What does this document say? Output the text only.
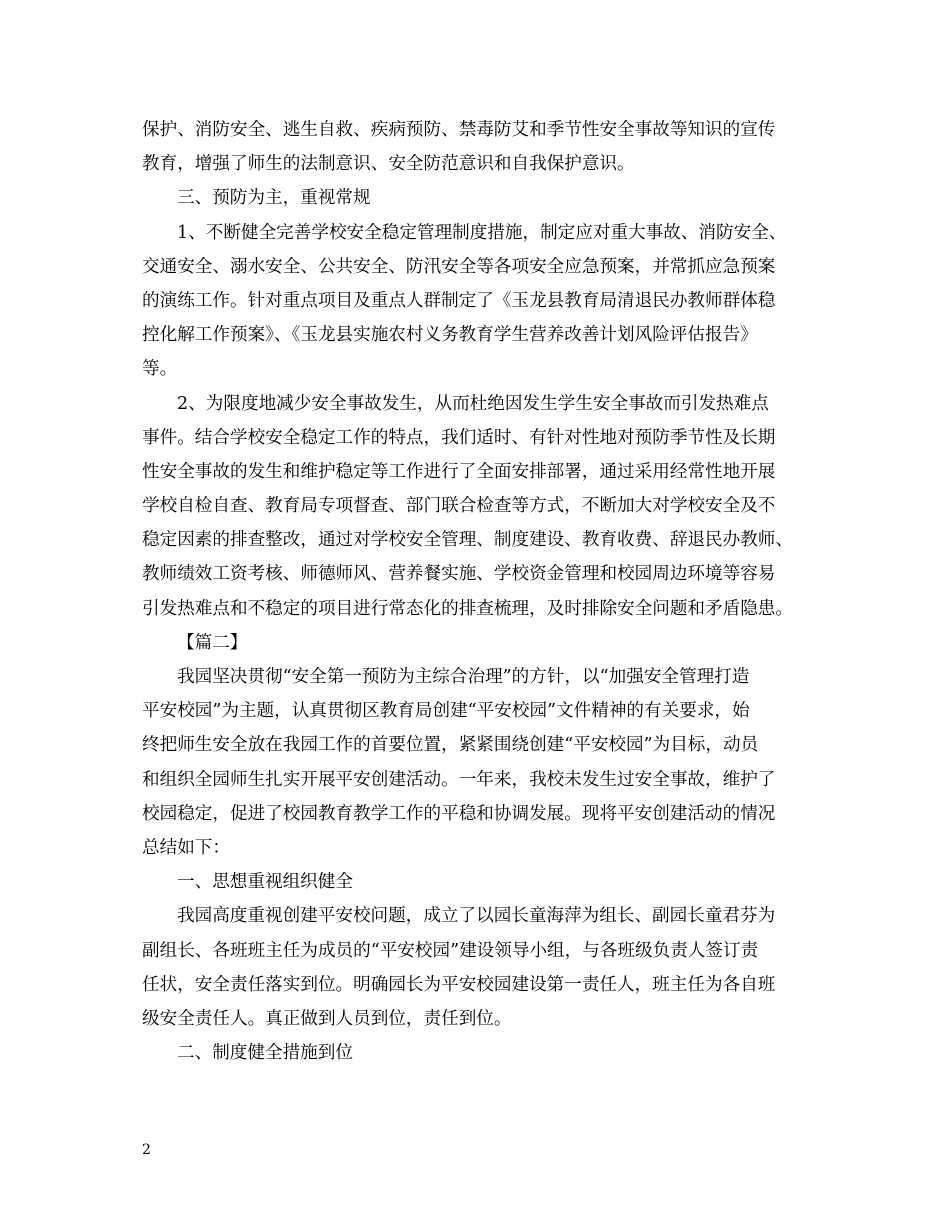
保护、消防安全、逃生自救、疾病预防、禁毒防艾和季节性安全事故等知识的宣传
教育，增强了师生的法制意识、安全防范意识和自我保护意识。
三、预防为主，重视常规
1、不断健全完善学校安全稳定管理制度措施，制定应对重大事故、消防安全、
交通安全、溺水安全、公共安全、防汛安全等各项安全应急预案，并常抓应急预案
的演练工作。针对重点项目及重点人群制定了《玉龙县教育局清退民办教师群体稳
控化解工作预案》、《玉龙县实施农村义务教育学生营养改善计划风险评估报告》
等。
2、为限度地减少安全事故发生，从而杜绝因发生学生安全事故而引发热难点
事件。结合学校安全稳定工作的特点，我们适时、有针对性地对预防季节性及长期
性安全事故的发生和维护稳定等工作进行了全面安排部署，通过采用经常性地开展
学校自检自查、教育局专项督查、部门联合检查等方式，不断加大对学校安全及不
稳定因素的排查整改，通过对学校安全管理、制度建设、教育收费、辞退民办教师、
教师绩效工资考核、师德师风、营养餐实施、学校资金管理和校园周边环境等容易
引发热难点和不稳定的项目进行常态化的排查梳理，及时排除安全问题和矛盾隐患。
【篇二】
我园坚决贯彻“安全第一预防为主综合治理”的方针，以“加强安全管理打造
平安校园”为主题，认真贯彻区教育局创建“平安校园”文件精神的有关要求，始
终把师生安全放在我园工作的首要位置，紧紧围绕创建“平安校园”为目标，动员
和组织全园师生扎实开展平安创建活动。一年来，我校未发生过安全事故，维护了
校园稳定，促进了校园教育教学工作的平稳和协调发展。现将平安创建活动的情况
总结如下：
一、思想重视组织健全
我园高度重视创建平安校问题，成立了以园长童海萍为组长、副园长童君芬为
副组长、各班班主任为成员的“平安校园”建设领导小组，与各班级负责人签订责
任状，安全责任落实到位。明确园长为平安校园建设第一责任人，班主任为各自班
级安全责任人。真正做到人员到位，责任到位。
二、制度健全措施到位
2
